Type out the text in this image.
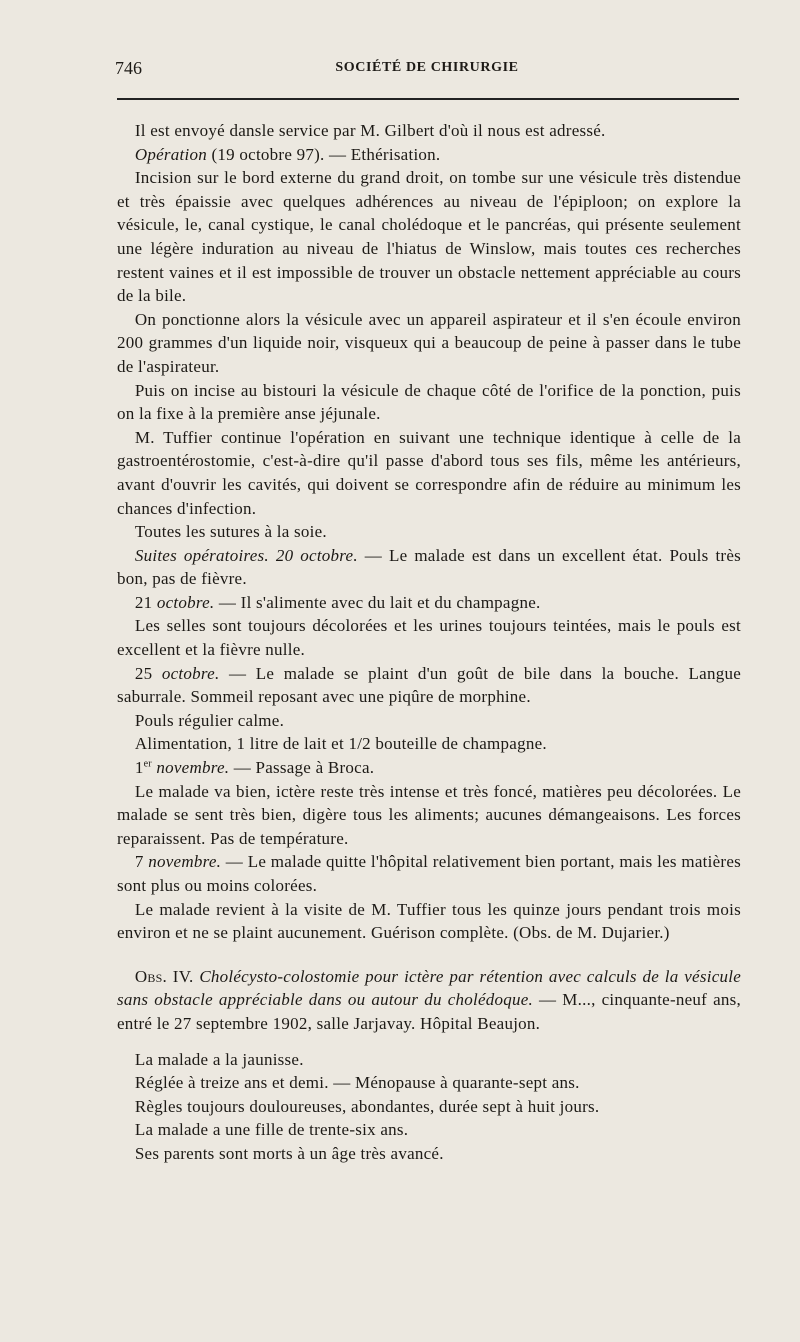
746	SOCIÉTÉ DE CHIRURGIE

Il est envoyé dansle service par M. Gilbert d'où il nous est adressé.

Opération (19 octobre 97). — Ethérisation.

Incision sur le bord externe du grand droit, on tombe sur une vésicule très distendue et très épaissie avec quelques adhérences au niveau de l'épiploon; on explore la vésicule, le, canal cystique, le canal cholédoque et le pancréas, qui présente seulement une légère induration au niveau de l'hiatus de Winslow, mais toutes ces recherches restent vaines et il est impossible de trouver un obstacle nettement appréciable au cours de la bile.

On ponctionne alors la vésicule avec un appareil aspirateur et il s'en écoule environ 200 grammes d'un liquide noir, visqueux qui a beaucoup de peine à passer dans le tube de l'aspirateur.

Puis on incise au bistouri la vésicule de chaque côté de l'orifice de la ponction, puis on la fixe à la première anse jéjunale.

M. Tuffier continue l'opération en suivant une technique identique à celle de la gastroentérostomie, c'est-à-dire qu'il passe d'abord tous ses fils, même les antérieurs, avant d'ouvrir les cavités, qui doivent se correspondre afin de réduire au minimum les chances d'infection.

Toutes les sutures à la soie.

Suites opératoires. 20 octobre. — Le malade est dans un excellent état. Pouls très bon, pas de fièvre.

21 octobre. — Il s'alimente avec du lait et du champagne.

Les selles sont toujours décolorées et les urines toujours teintées, mais le pouls est excellent et la fièvre nulle.

25 octobre. — Le malade se plaint d'un goût de bile dans la bouche. Langue saburrale. Sommeil reposant avec une piqûre de morphine.

Pouls régulier calme.

Alimentation, 1 litre de lait et 1/2 bouteille de champagne.

1er novembre. — Passage à Broca.

Le malade va bien, ictère reste très intense et très foncé, matières peu décolorées. Le malade se sent très bien, digère tous les aliments; aucunes démangeaisons. Les forces reparaissent. Pas de température.

7 novembre. — Le malade quitte l'hôpital relativement bien portant, mais les matières sont plus ou moins colorées.

Le malade revient à la visite de M. Tuffier tous les quinze jours pendant trois mois environ et ne se plaint aucunement. Guérison complète. (Obs. de M. Dujarier.)

Obs. IV. Cholécysto-colostomie pour ictère par rétention avec calculs de la vésicule sans obstacle appréciable dans ou autour du cholédoque. — M..., cinquante-neuf ans, entré le 27 septembre 1902, salle Jarjavay. Hôpital Beaujon.

La malade a la jaunisse.

Réglée à treize ans et demi. — Ménopause à quarante-sept ans.

Règles toujours douloureuses, abondantes, durée sept à huit jours.

La malade a une fille de trente-six ans.

Ses parents sont morts à un âge très avancé.
